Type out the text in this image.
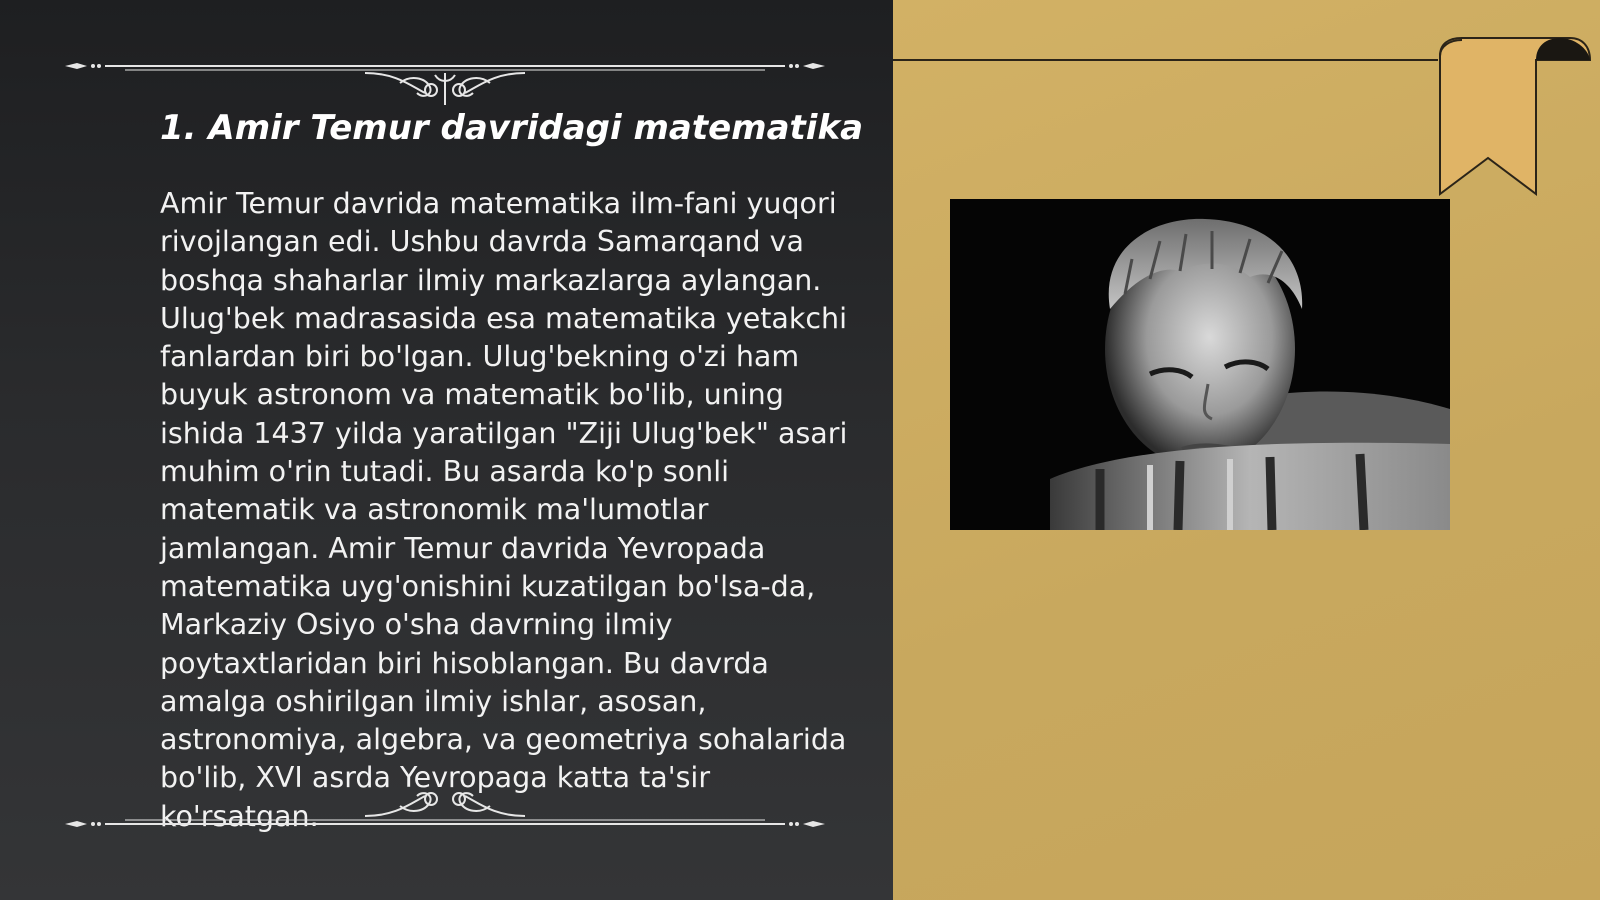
1. Amir Temur davridagi matematika

Amir Temur davrida matematika ilm-fani yuqori rivojlangan edi. Ushbu davrda Samarqand va boshqa shaharlar ilmiy markazlarga aylangan. Ulug'bek madrasasida esa matematika yetakchi fanlardan biri bo'lgan. Ulug'bekning o'zi ham buyuk astronom va matematik bo'lib, uning ishida 1437 yilda yaratilgan "Ziji Ulug'bek" asari muhim o'rin tutadi. Bu asarda ko'p sonli matematik va astronomik ma'lumotlar jamlangan. Amir Temur davrida Yevropada matematika uyg'onishini kuzatilgan bo'lsa-da, Markaziy Osiyo o'sha davrning ilmiy poytaxtlaridan biri hisoblangan. Bu davrda amalga oshirilgan ilmiy ishlar, asosan, astronomiya, algebra, va geometriya sohalarida bo'lib, XVI asrda Yevropaga katta ta'sir ko'rsatgan.
